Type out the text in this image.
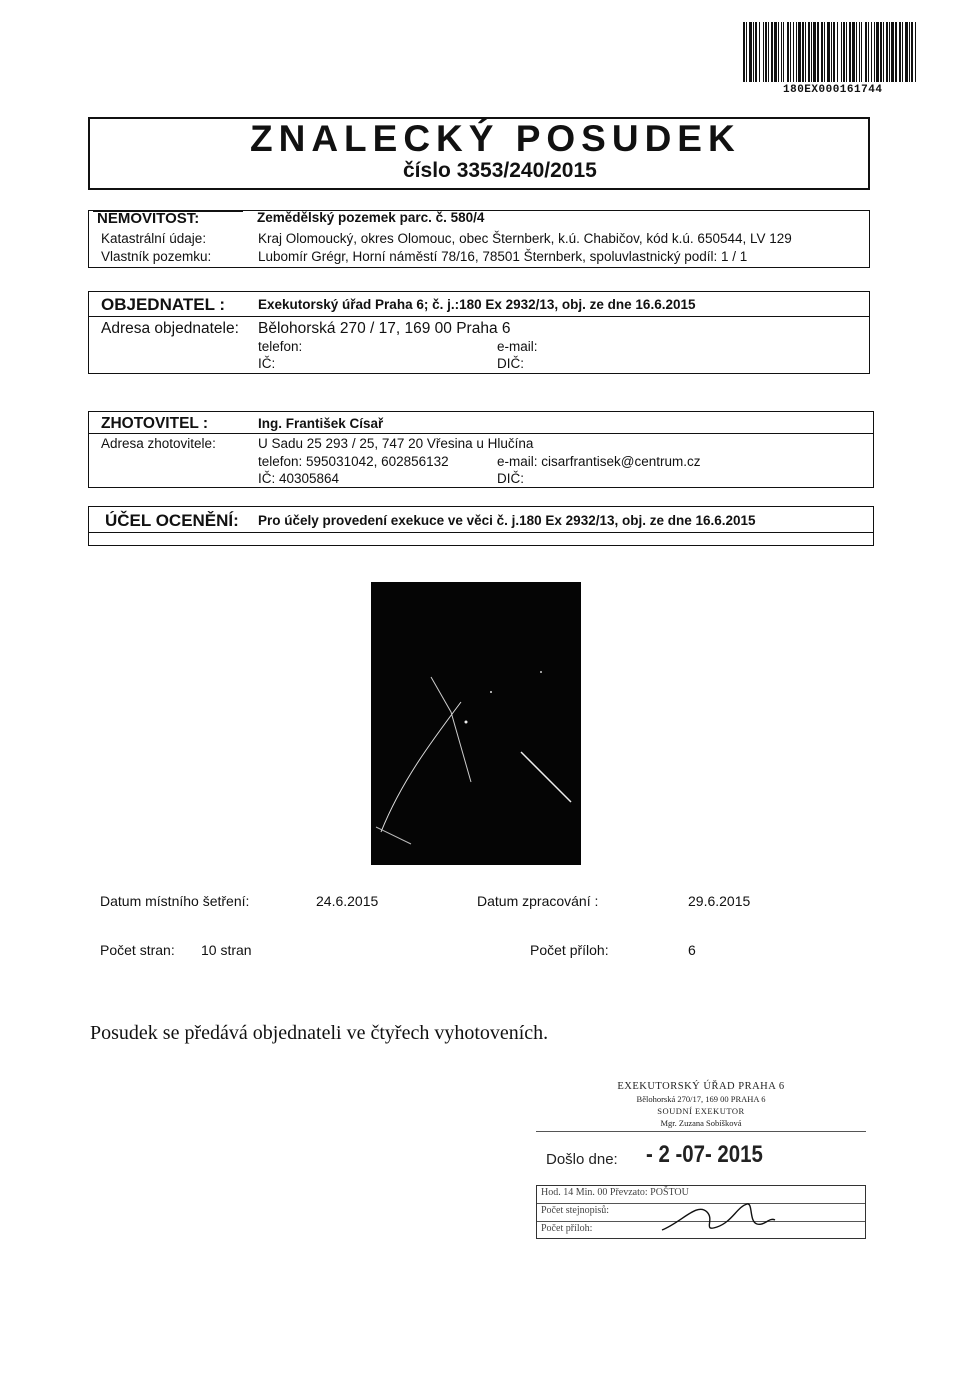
180EX000161744
ZNALECKÝ POSUDEK
číslo 3353/240/2015
NEMOVITOST:	Zemědělský pozemek parc. č. 580/4
Katastrální údaje:	Kraj Olomoucký, okres Olomouc, obec Šternberk, k.ú. Chabičov, kód k.ú. 650544, LV 129
Vlastník pozemku:	Lubomír Grégr, Horní náměstí 78/16, 78501 Šternberk, spoluvlastnický podíl: 1 / 1
OBJEDNATEL : Exekutorský úřad Praha 6; č. j.:180 Ex 2932/13, obj. ze dne 16.6.2015
Adresa objednatele: Bělohorská 270 / 17, 169 00 Praha 6
telefon:	e-mail:
IČ:	DIČ:
ZHOTOVITEL :	Ing. František Císař
Adresa zhotovitele:	U Sadu 25 293 / 25, 747 20 Vřesina u Hlučína
telefon: 595031042, 602856132	e-mail: cisarfrantisek@centrum.cz
IČ: 40305864	DIČ:
ÚČEL OCENĚNÍ: Pro účely provedení exekuce ve věci č. j.180 Ex 2932/13, obj. ze dne 16.6.2015
Datum místního šetření:	24.6.2015	Datum zpracování :	29.6.2015
Počet stran: 10 stran	Počet příloh:	6
Posudek se předává objednateli ve čtyřech vyhotoveních.
EXEKUTORSKÝ ÚŘAD PRAHA 6
Bělohorská 270/17, 169 00 PRAHA 6
SOUDNÍ EXEKUTOR
Mgr. Zuzana Sobíšková
Došlo dne: - 2 -07- 2015
Hod. 14 Min. 00 Převzato: POŠTOU
Počet stejnopisů:
Počet příloh:
